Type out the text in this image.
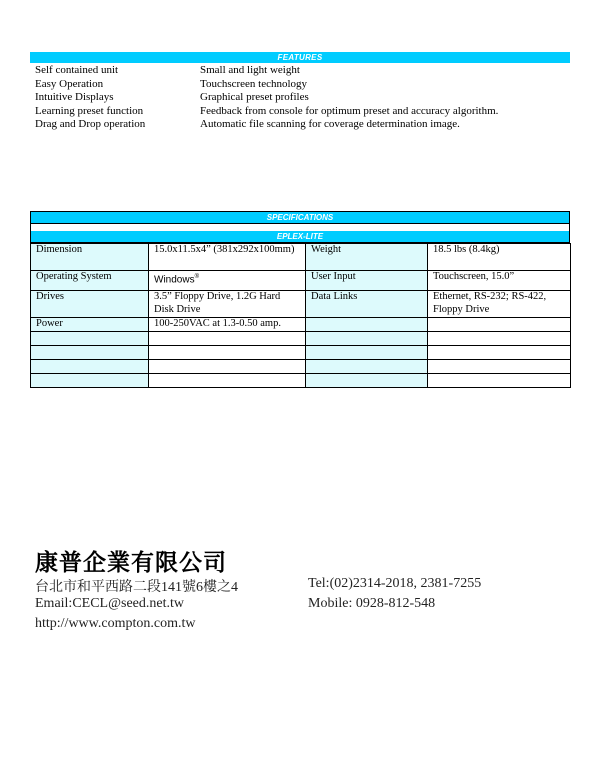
FEATURES
Self contained unit	Small and light weight
Easy Operation	Touchscreen technology
Intuitive Displays	Graphical preset profiles
Learning preset function	Feedback from console for optimum preset and accuracy algorithm.
Drag and Drop operation	Automatic file scanning for coverage determination image.
SPECIFICATIONS
EPLEX-LITE
Dimension	15.0x11.5x4” (381x292x100mm)	Weight	18.5 lbs (8.4kg)
Operating System	Windows®	User Input	Touchscreen, 15.0”
Drives	3.5” Floppy Drive, 1.2G Hard Disk Drive	Data Links	Ethernet, RS-232; RS-422, Floppy Drive
Power	100-250VAC at 1.3-0.50 amp.		

康普企業有限公司
台北市和平西路二段141號6樓之4	Tel:(02)2314-2018, 2381-7255
Email:CECL@seed.net.tw	Mobile: 0928-812-548
http://www.compton.com.tw
